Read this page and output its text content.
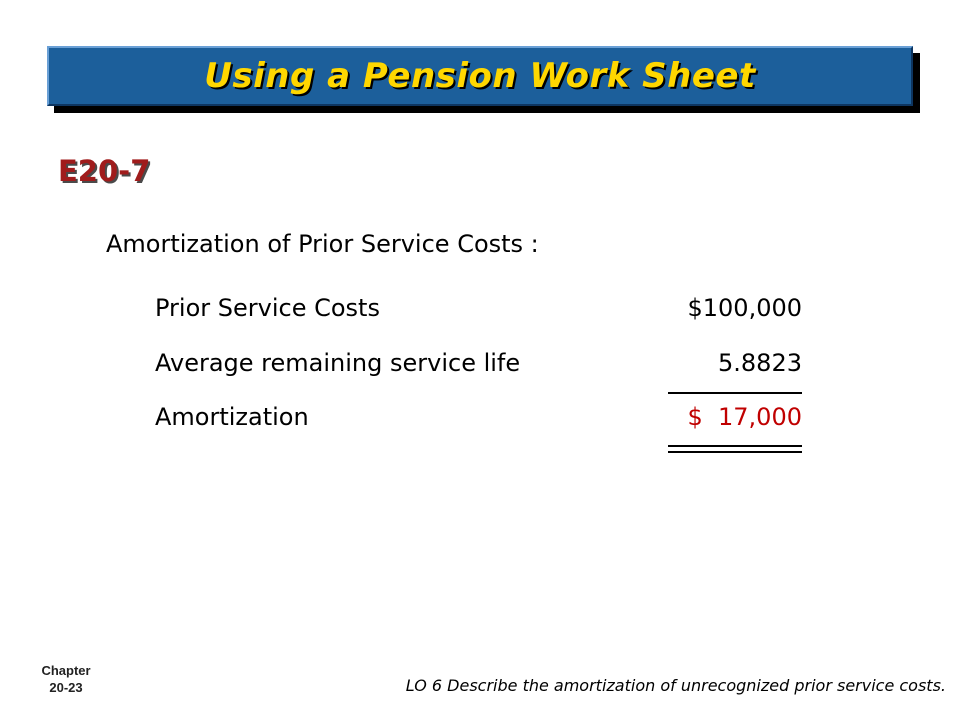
Using a Pension Work Sheet
E20-7
Amortization of Prior Service Costs :
Prior Service Costs	$100,000
Average remaining service life	5.8823
Amortization	$  17,000
Chapter
20-23	LO 6 Describe the amortization of unrecognized prior service costs.
